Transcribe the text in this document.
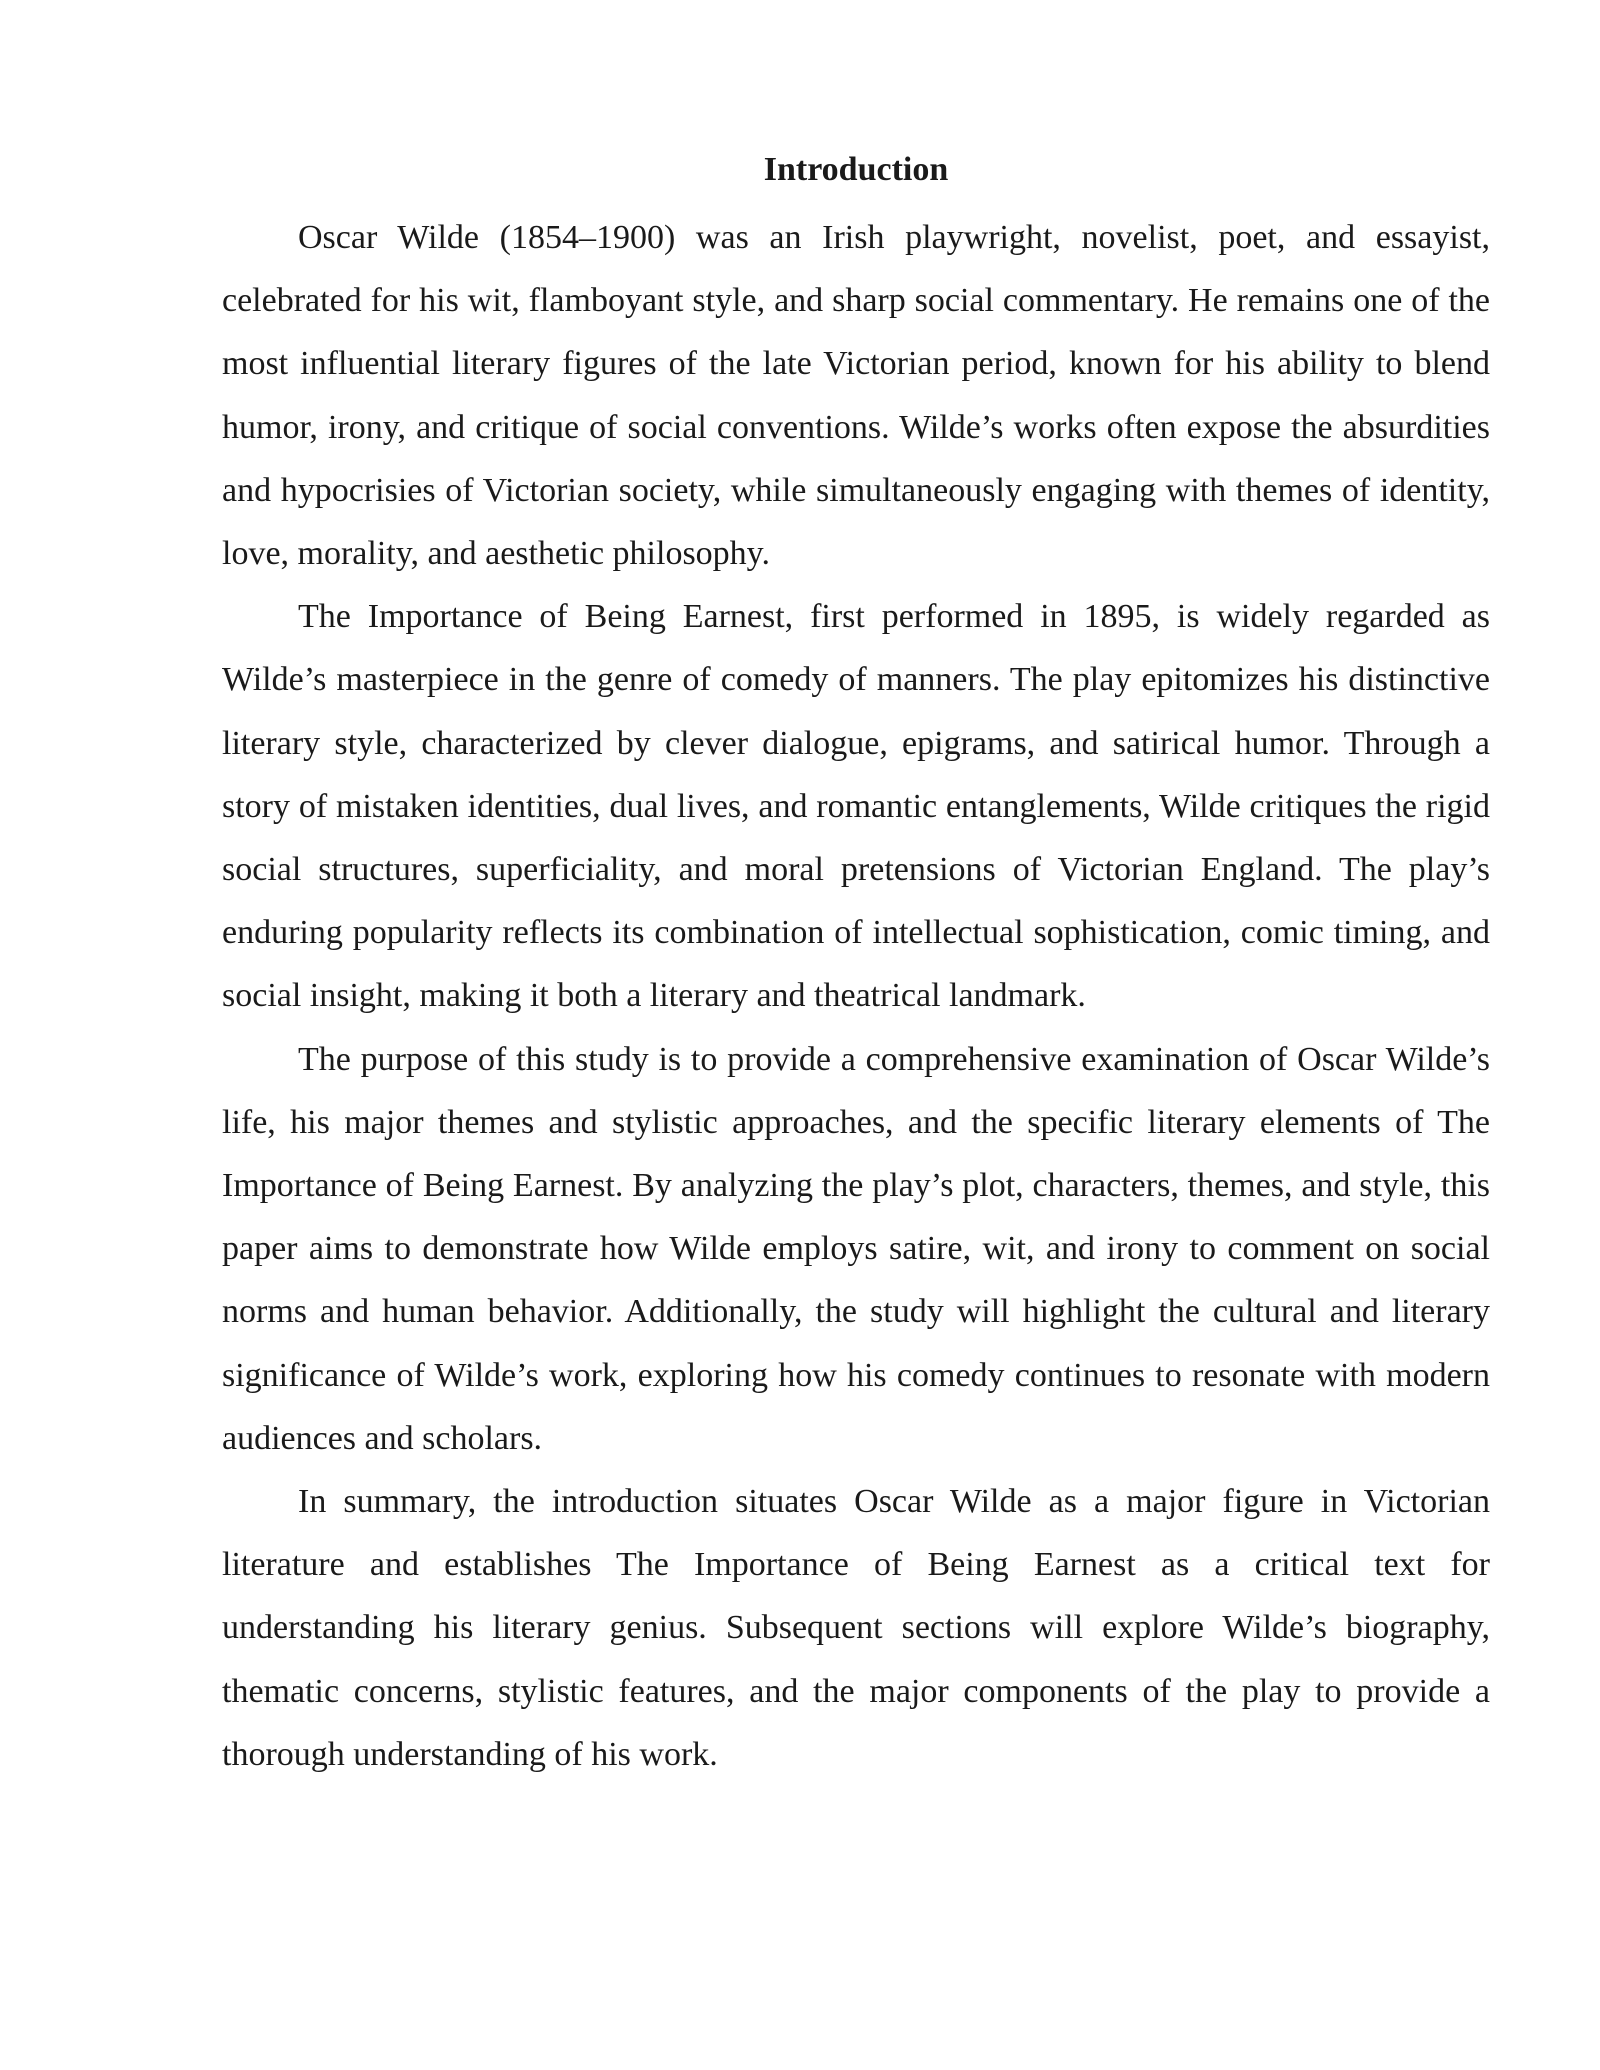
Introduction

Oscar Wilde (1854–1900) was an Irish playwright, novelist, poet, and essayist, celebrated for his wit, flamboyant style, and sharp social commentary. He remains one of the most influential literary figures of the late Victorian period, known for his ability to blend humor, irony, and critique of social conventions. Wilde’s works often expose the absurdities and hypocrisies of Victorian society, while simultaneously engaging with themes of identity, love, morality, and aesthetic philosophy.

The Importance of Being Earnest, first performed in 1895, is widely regarded as Wilde’s masterpiece in the genre of comedy of manners. The play epitomizes his distinctive literary style, characterized by clever dialogue, epigrams, and satirical humor. Through a story of mistaken identities, dual lives, and romantic entanglements, Wilde critiques the rigid social structures, superficiality, and moral pretensions of Victorian England. The play’s enduring popularity reflects its combination of intellectual sophistication, comic timing, and social insight, making it both a literary and theatrical landmark.

The purpose of this study is to provide a comprehensive examination of Oscar Wilde’s life, his major themes and stylistic approaches, and the specific literary elements of The Importance of Being Earnest. By analyzing the play’s plot, characters, themes, and style, this paper aims to demonstrate how Wilde employs satire, wit, and irony to comment on social norms and human behavior. Additionally, the study will highlight the cultural and literary significance of Wilde’s work, exploring how his comedy continues to resonate with modern audiences and scholars.

In summary, the introduction situates Oscar Wilde as a major figure in Victorian literature and establishes The Importance of Being Earnest as a critical text for understanding his literary genius. Subsequent sections will explore Wilde’s biography, thematic concerns, stylistic features, and the major components of the play to provide a thorough understanding of his work.
